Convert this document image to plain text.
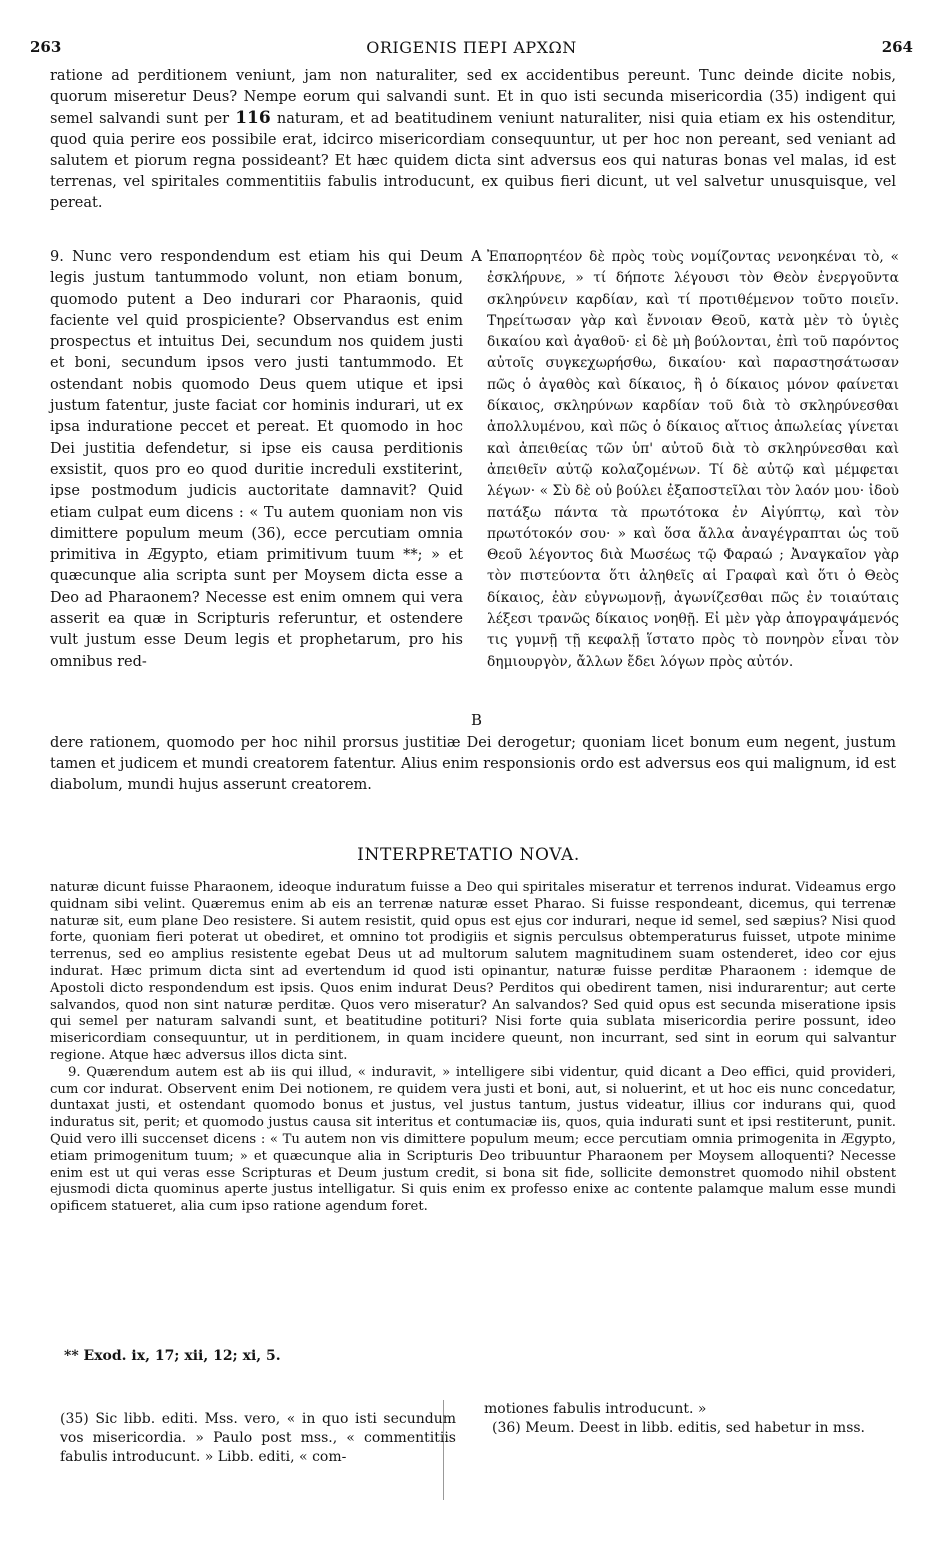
263	ORIGENIS ΠΕΡΙ ΑΡΧΩΝ	264

ratione ad perditionem veniunt, jam non naturaliter, sed ex accidentibus pereunt. Tunc deinde dicite nobis, quorum miseretur Deus? Nempe eorum qui salvandi sunt. Et in quo isti secunda misericordia (35) indigent qui semel salvandi sunt per 116 naturam, et ad beatitudinem veniunt naturaliter, nisi quia etiam ex his ostenditur, quod quia perire eos possibile erat, idcirco misericordiam consequuntur, ut per hoc non pereant, sed veniant ad salutem et piorum regna possideant? Et hæc quidem dicta sint adversus eos qui naturas bonas vel malas, id est terrenas, vel spiritales commentitiis fabulis introducunt, ex quibus fieri dicunt, ut vel salvetur unusquisque, vel pereat.

9. Nunc vero respondendum est etiam his qui Deum legis justum tantummodo volunt, non etiam bonum, quomodo putent a Deo indurari cor Pharaonis, quid faciente vel quid prospiciente? Observandus est enim prospectus et intuitus Dei, secundum nos quidem justi et boni, secundum ipsos vero justi tantummodo. Et ostendant nobis quomodo Deus quem utique et ipsi justum fatentur, juste faciat cor hominis indurari, ut ex ipsa induratione peccet et pereat. Et quomodo in hoc Dei justitia defendetur, si ipse eis causa perditionis exsistit, quos pro eo quod duritie increduli exstiterint, ipse postmodum judicis auctoritate damnavit? Quid etiam culpat eum dicens : « Tu autem quoniam non vis dimittere populum meum (36), ecce percutiam omnia primitiva in Ægypto, etiam primitivum tuum **; » et quæcunque alia scripta sunt per Moysem dicta esse a Deo ad Pharaonem? Necesse est enim omnem qui vera asserit ea quæ in Scripturis referuntur, et ostendere vult justum esse Deum legis et prophetarum, pro his omnibus red-

A
B

Ἐπαπορητέον δὲ πρὸς τοὺς νομίζοντας νενοηκέναι τὸ, « ἐσκλήρυνε, » τί δήποτε λέγουσι τὸν Θεὸν ἐνεργοῦντα σκληρύνειν καρδίαν, καὶ τί προτιθέμενον τοῦτο ποιεῖν. Τηρείτωσαν γὰρ καὶ ἔννοιαν Θεοῦ, κατὰ μὲν τὸ ὑγιὲς δικαίου καὶ ἀγαθοῦ· εἰ δὲ μὴ βούλονται, ἐπὶ τοῦ παρόντος αὐτοῖς συγκεχωρήσθω, δικαίου· καὶ παραστησάτωσαν πῶς ὁ ἀγαθὸς καὶ δίκαιος, ἢ ὁ δίκαιος μόνον φαίνεται δίκαιος, σκληρύνων καρδίαν τοῦ διὰ τὸ σκληρύνεσθαι ἀπολλυμένου, καὶ πῶς ὁ δίκαιος αἴτιος ἀπωλείας γίνεται καὶ ἀπειθείας τῶν ὑπ' αὐτοῦ διὰ τὸ σκληρύνεσθαι καὶ ἀπειθεῖν αὐτῷ κολαζομένων. Τί δὲ αὐτῷ καὶ μέμφεται λέγων· « Σὺ δὲ οὐ βούλει ἐξαποστεῖλαι τὸν λαόν μου· ἰδοὺ πατάξω πάντα τὰ πρωτότοκα ἐν Αἰγύπτῳ, καὶ τὸν πρωτότοκόν σου· » καὶ ὅσα ἄλλα ἀναγέγραπται ὡς τοῦ Θεοῦ λέγοντος διὰ Μωσέως τῷ Φαραώ ; Ἀναγκαῖον γὰρ τὸν πιστεύοντα ὅτι ἀληθεῖς αἱ Γραφαὶ καὶ ὅτι ὁ Θεὸς δίκαιος, ἐὰν εὐγνωμονῇ, ἀγωνίζεσθαι πῶς ἐν τοιαύταις λέξεσι τρανῶς δίκαιος νοηθῇ. Εἰ μὲν γὰρ ἀπογραψάμενός τις γυμνῇ τῇ κεφαλῇ ἵστατο πρὸς τὸ πονηρὸν εἶναι τὸν δημιουργὸν, ἄλλων ἔδει λόγων πρὸς αὐτόν.

dere rationem, quomodo per hoc nihil prorsus justitiæ Dei derogetur; quoniam licet bonum eum negent, justum tamen et judicem et mundi creatorem fatentur. Alius enim responsionis ordo est adversus eos qui malignum, id est diabolum, mundi hujus asserunt creatorem.

INTERPRETATIO NOVA.

naturæ dicunt fuisse Pharaonem, ideoque induratum fuisse a Deo qui spiritales miseratur et terrenos indurat. Videamus ergo quidnam sibi velint. Quæremus enim ab eis an terrenæ naturæ esset Pharao. Si fuisse respondeant, dicemus, qui terrenæ naturæ sit, eum plane Deo resistere. Si autem resistit, quid opus est ejus cor indurari, neque id semel, sed sæpius? Nisi quod forte, quoniam fieri poterat ut obediret, et omnino tot prodigiis et signis perculsus obtemperaturus fuisset, utpote minime terrenus, sed eo amplius resistente egebat Deus ut ad multorum salutem magnitudinem suam ostenderet, ideo cor ejus indurat. Hæc primum dicta sint ad evertendum id quod isti opinantur, naturæ fuisse perditæ Pharaonem : idemque de Apostoli dicto respondendum est ipsis. Quos enim indurat Deus? Perditos qui obedirent tamen, nisi indurarentur; aut certe salvandos, quod non sint naturæ perditæ. Quos vero miseratur? An salvandos? Sed quid opus est secunda miseratione ipsis qui semel per naturam salvandi sunt, et beatitudine potituri? Nisi forte quia sublata misericordia perire possunt, ideo misericordiam consequuntur, ut in perditionem, in quam incidere queunt, non incurrant, sed sint in eorum qui salvantur regione. Atque hæc adversus illos dicta sint.

9. Quærendum autem est ab iis qui illud, « induravit, » intelligere sibi videntur, quid dicant a Deo effici, quid provideri, cum cor indurat. Observent enim Dei notionem, re quidem vera justi et boni, aut, si noluerint, et ut hoc eis nunc concedatur, duntaxat justi, et ostendant quomodo bonus et justus, vel justus tantum, justus videatur, illius cor indurans qui, quod induratus sit, perit; et quomodo justus causa sit interitus et contumaciæ iis, quos, quia indurati sunt et ipsi restiterunt, punit. Quid vero illi succenset dicens : « Tu autem non vis dimittere populum meum; ecce percutiam omnia primogenita in Ægypto, etiam primogenitum tuum; » et quæcunque alia in Scripturis Deo tribuuntur Pharaonem per Moysem alloquenti? Necesse enim est ut qui veras esse Scripturas et Deum justum credit, si bona sit fide, sollicite demonstret quomodo nihil obstent ejusmodi dicta quominus aperte justus intelligatur. Si quis enim ex professo enixe ac contente palamque malum esse mundi opificem statueret, alia cum ipso ratione agendum foret.

** Exod. ix, 17; xii, 12; xi, 5.

(35) Sic libb. editi. Mss. vero, « in quo isti secundum vos misericordia. » Paulo post mss., « commentitiis fabulis introducunt. » Libb. editi, « com-

motiones fabulis introducunt. »

(36) Meum. Deest in libb. editis, sed habetur in mss.
